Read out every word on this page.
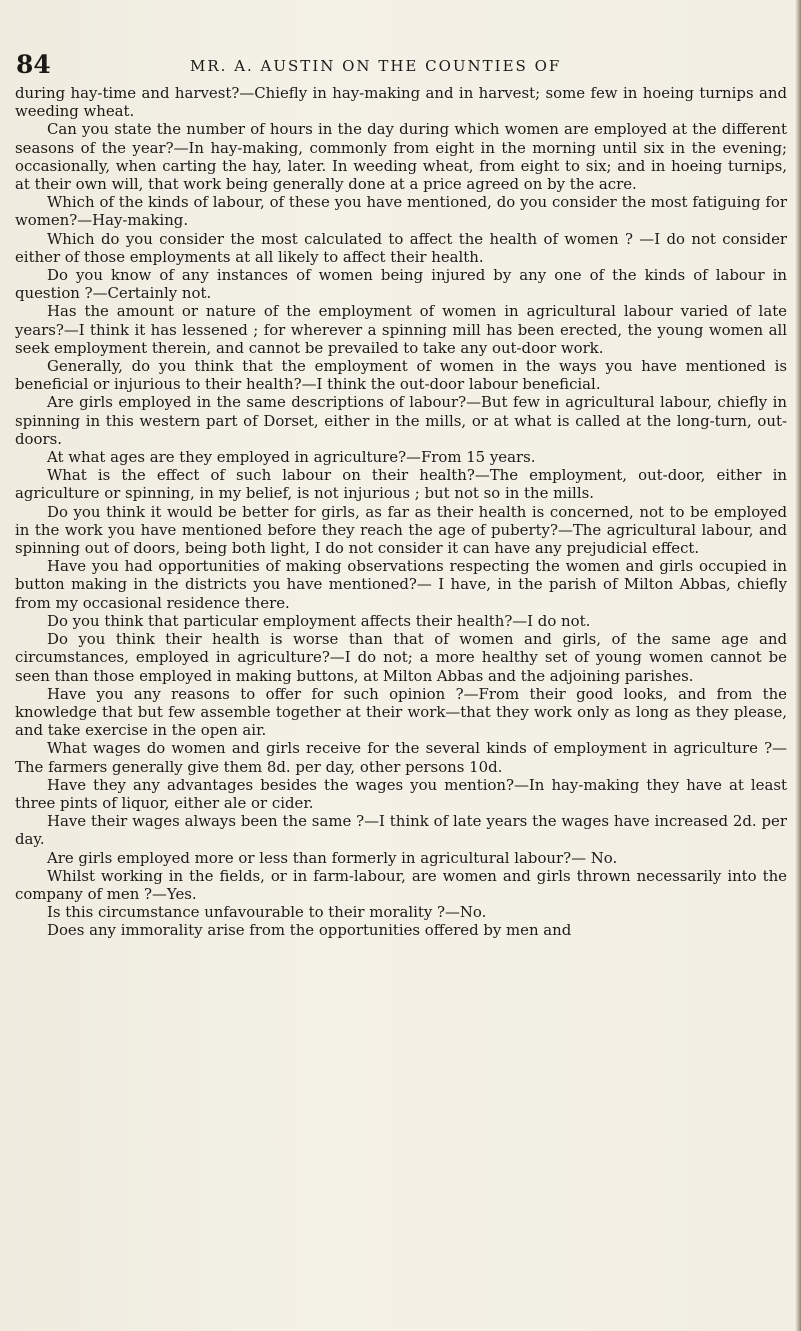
84	MR. A. AUSTIN ON THE COUNTIES OF

during hay-time and harvest?—Chiefly in hay-making and in harvest; some few in hoeing turnips and weeding wheat.

Can you state the number of hours in the day during which women are employed at the different seasons of the year?—In hay-making, commonly from eight in the morning until six in the evening; occasionally, when carting the hay, later. In weeding wheat, from eight to six; and in hoeing turnips, at their own will, that work being generally done at a price agreed on by the acre.

Which of the kinds of labour, of these you have mentioned, do you consider the most fatiguing for women?—Hay-making.

Which do you consider the most calculated to affect the health of women ? —I do not consider either of those employments at all likely to affect their health.

Do you know of any instances of women being injured by any one of the kinds of labour in question ?—Certainly not.

Has the amount or nature of the employment of women in agricultural labour varied of late years?—I think it has lessened ; for wherever a spinning mill has been erected, the young women all seek employment therein, and cannot be prevailed to take any out-door work.

Generally, do you think that the employment of women in the ways you have mentioned is beneficial or injurious to their health?—I think the out-door labour beneficial.

Are girls employed in the same descriptions of labour?—But few in agricultural labour, chiefly in spinning in this western part of Dorset, either in the mills, or at what is called at the long-turn, out-doors.

At what ages are they employed in agriculture?—From 15 years.

What is the effect of such labour on their health?—The employment, out-door, either in agriculture or spinning, in my belief, is not injurious ; but not so in the mills.

Do you think it would be better for girls, as far as their health is concerned, not to be employed in the work you have mentioned before they reach the age of puberty?—The agricultural labour, and spinning out of doors, being both light, I do not consider it can have any prejudicial effect.

Have you had opportunities of making observations respecting the women and girls occupied in button making in the districts you have mentioned?— I have, in the parish of Milton Abbas, chiefly from my occasional residence there.

Do you think that particular employment affects their health?—I do not.

Do you think their health is worse than that of women and girls, of the same age and circumstances, employed in agriculture?—I do not; a more healthy set of young women cannot be seen than those employed in making buttons, at Milton Abbas and the adjoining parishes.

Have you any reasons to offer for such opinion ?—From their good looks, and from the knowledge that but few assemble together at their work—that they work only as long as they please, and take exercise in the open air.

What wages do women and girls receive for the several kinds of employment in agriculture ?—The farmers generally give them 8d. per day, other persons 10d.

Have they any advantages besides the wages you mention?—In hay-making they have at least three pints of liquor, either ale or cider.

Have their wages always been the same ?—I think of late years the wages have increased 2d. per day.

Are girls employed more or less than formerly in agricultural labour?— No.

Whilst working in the fields, or in farm-labour, are women and girls thrown necessarily into the company of men ?—Yes.

Is this circumstance unfavourable to their morality ?—No.

Does any immorality arise from the opportunities offered by men and
